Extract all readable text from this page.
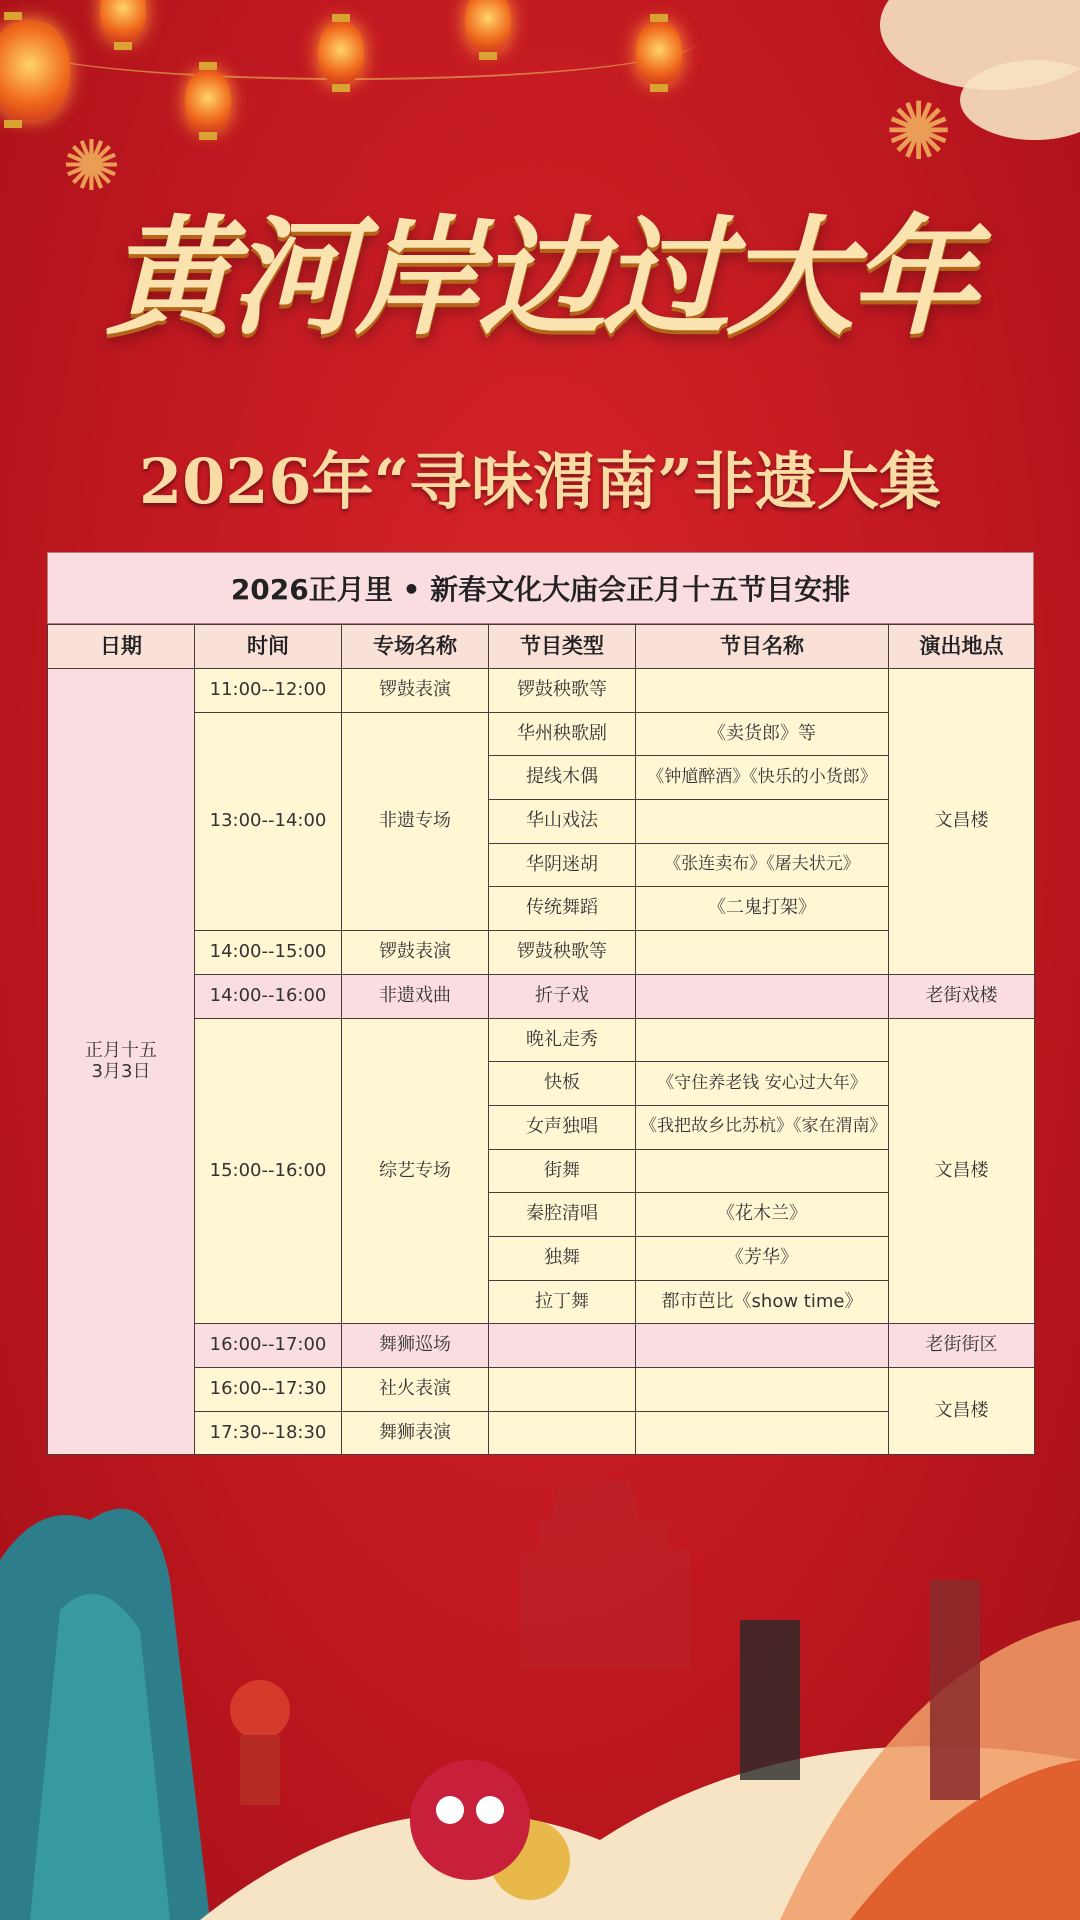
✺	✺
黄河岸边过大年
2026年“寻味渭南”非遗大集
2026正月里 • 新春文化大庙会正月十五节目安排
日期	时间	专场名称	节目类型	节目名称	演出地点

正月十五
3月3日	11:00--12:00	锣鼓表演	锣鼓秧歌等		文昌楼
	13:00--14:00	非遗专场	华州秧歌剧	《卖货郎》等	
			提线木偶	《钟馗醉酒》《快乐的小货郎》	
			华山戏法		
			华阴迷胡	《张连卖布》《屠夫状元》	
			传统舞蹈	《二鬼打架》	
	14:00--15:00	锣鼓表演	锣鼓秧歌等		
	14:00--16:00	非遗戏曲	折子戏		老街戏楼
	15:00--16:00	综艺专场	晚礼走秀		文昌楼
			快板	《守住养老钱 安心过大年》	
			女声独唱	《我把故乡比苏杭》《家在渭南》	
			街舞		
			秦腔清唱	《花木兰》	
			独舞	《芳华》	
			拉丁舞	都市芭比《show time》	
	16:00--17:00	舞狮巡场			老街街区
	16:00--17:30	社火表演			文昌楼
	17:30--18:30	舞狮表演			
